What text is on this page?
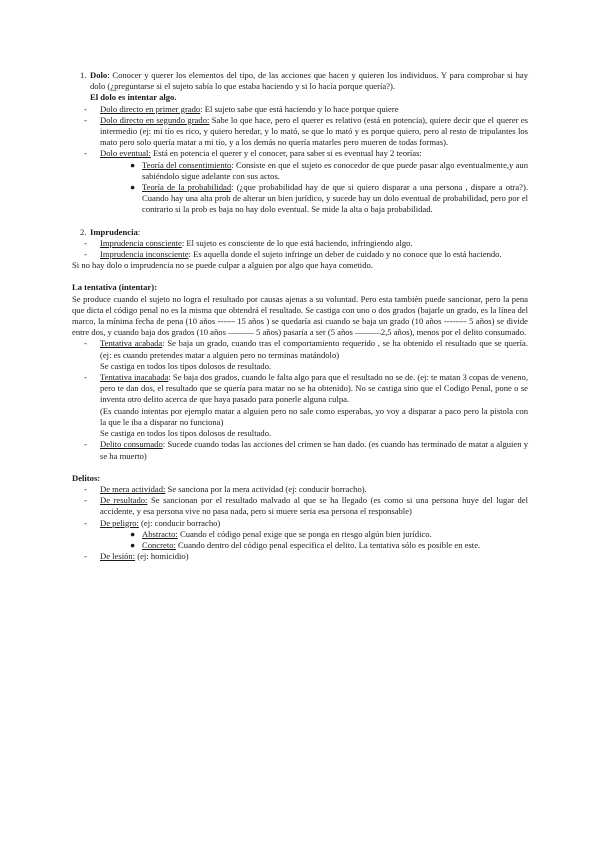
1. Dolo: Conocer y querer los elementos del tipo, de las acciones que hacen y quieren los individuos. Y para comprobar si hay dolo (¿preguntarse si el sujeto sabía lo que estaba haciendo y si lo hacía porque quería?).

El dolo es intentar algo.

- Dolo directo en primer grado: El sujeto sabe que está haciendo y lo hace porque quiere

- Dolo directo en segundo grado: Sabe lo que hace, pero el querer es relativo (está en potencia), quiere decir que el querer es intermedio (ej: mi tío es rico, y quiero heredar, y lo mató, se que lo mató y es porque quiero, pero al resto de tripulantes los mato pero solo quería matar a mi tío, y a los demás no quería matarles pero mueren de todas formas).

- Dolo eventual: Está en potencia el querer y el conocer, para saber si es eventual hay 2 teorías:

● Teoría del consentimiento: Consiste en que el sujeto es conocedor de que puede pasar algo eventualmente,y aun sabiéndolo sigue adelante con sus actos.

● Teoría de la probabilidad: (¿que probabilidad hay de que si quiero disparar a una persona , dispare a otra?). Cuando hay una alta prob de alterar un bien jurídico, y sucede hay un dolo eventual de probabilidad, pero por el contrario si la prob es baja no hay dolo eventual. Se mide la alta o baja probabilidad.

2. Imprudencia:

- Imprudencia consciente: El sujeto es consciente de lo que está haciendo, infringiendo algo.

- Imprudencia inconsciente: Es aquella donde el sujeto infringe un deber de cuidado y no conoce que lo está haciendo.

Si no hay dolo o imprudencia no se puede culpar a alguien por algo que haya cometido.

La tentativa (intentar):

Se produce cuando el sujeto no logra el resultado por causas ajenas a su voluntad. Pero esta también puede sancionar, pero la pena que dicta el código penal no es la misma que obtendrá el resultado. Se castiga con uno o dos grados (bajarle un grado, es la línea del marco, la mínima fecha de pena (10 años ------ 15 años ) se quedaría asi cuando se baja un grado (10 años -------- 5 años) se divide entre dos, y cuando baja dos grados (10 años ——— 5 años) pasaría a ser (5 años ———2,5 años), menos por el delito consumado.

- Tentativa acabada: Se baja un grado, cuando tras el comportamiento requerido , se ha obtenido el resultado que se quería. (ej: es cuando pretendes matar a alguien pero no terminas matándolo)

Se castiga en todos los tipos dolosos de resultado.

- Tentativa inacabada: Se baja dos grados, cuando le falta algo para que el resultado no se de. (ej: te matan 3 copas de veneno, pero te dan dos, el resultado que se quería para matar no se ha obtenido). No se castiga sino que el Codigo Penal, pone o se inventa otro delito acerca de que haya pasado para ponerle alguna culpa.

(Es cuando intentas por ejemplo matar a alguien pero no sale como esperabas, yo voy a disparar a paco pero la pistola con la que le iba a disparar no funciona)

Se castiga en todos los tipos dolosos de resultado.

- Delito consumado: Sucede cuando todas las acciones del crimen se han dado. (es cuando has terminado de matar a alguien y se ha muerto)

Delitos:

- De mera actividad: Se sanciona por la mera actividad (ej: conducir borracho).

- De resultado: Se sancionan por el resultado malvado al que se ha llegado (es como si una persona huye del lugar del accidente, y esa persona vive no pasa nada, pero si muere seria esa persona el responsable)

- De peligro: (ej: conducir borracho)

● Abstracto: Cuando el código penal exige que se ponga en riesgo algún bien jurídico.

● Concreto: Cuando dentro del código penal especifica el delito. La tentativa sólo es posible en este.

- De lesión: (ej: homicidio)
